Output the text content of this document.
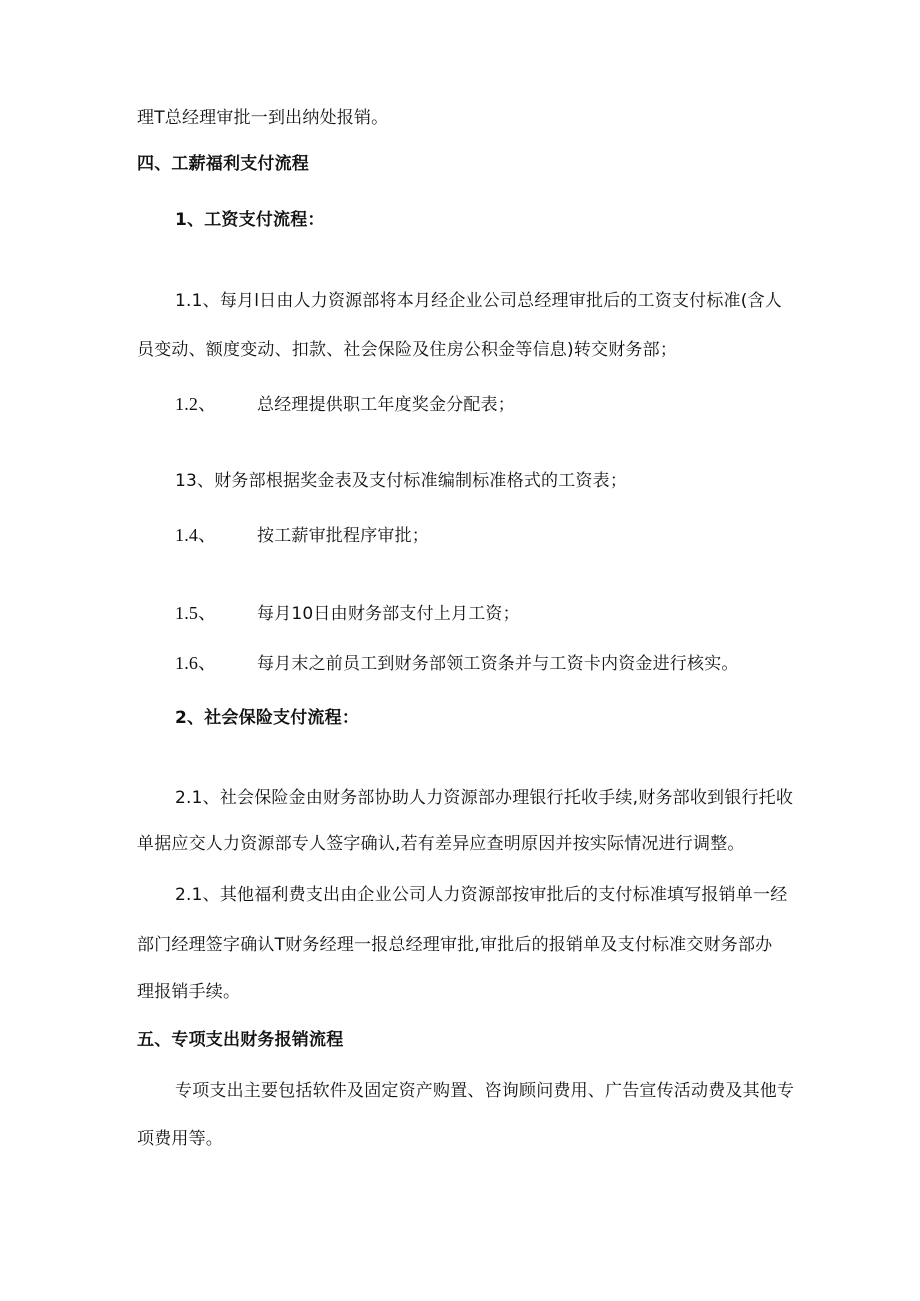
理T总经理审批一到出纳处报销。
四、工薪福利支付流程
1、工资支付流程：
1.1、每月l日由人力资源部将本月经企业公司总经理审批后的工资支付标准(含人
员变动、额度变动、扣款、社会保险及住房公积金等信息)转交财务部；
1.2、 总经理提供职工年度奖金分配表；
13、财务部根据奖金表及支付标准编制标准格式的工资表；
1.4、 按工薪审批程序审批；
1.5、 每月10日由财务部支付上月工资；
1.6、 每月末之前员工到财务部领工资条并与工资卡内资金进行核实。
2、社会保险支付流程：
2.1、社会保险金由财务部协助人力资源部办理银行托收手续,财务部收到银行托收
单据应交人力资源部专人签字确认,若有差异应查明原因并按实际情况进行调整。
2.1、其他福利费支出由企业公司人力资源部按审批后的支付标准填写报销单一经
部门经理签字确认T财务经理一报总经理审批,审批后的报销单及支付标准交财务部办
理报销手续。
五、专项支出财务报销流程
专项支出主要包括软件及固定资产购置、咨询顾问费用、广告宣传活动费及其他专
项费用等。
